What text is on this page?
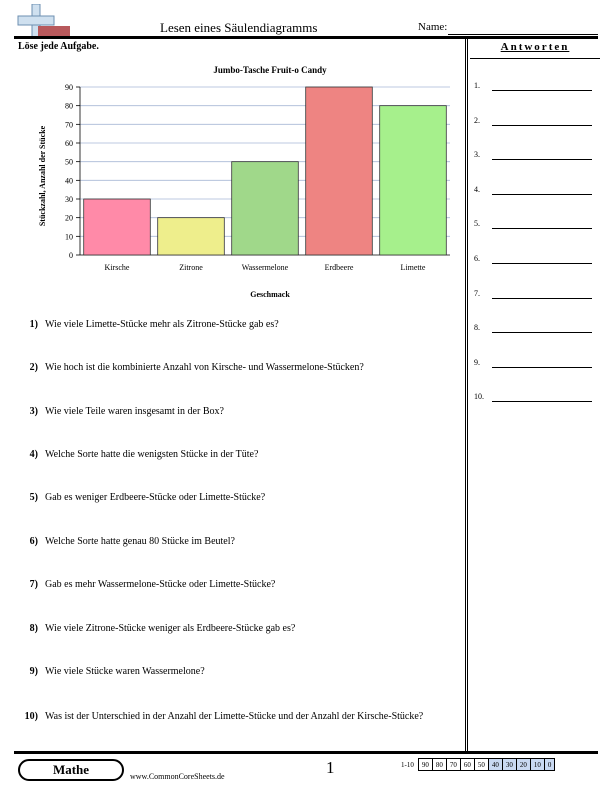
Lesen eines Säulendiagramms	Name:
Löse jede Aufgabe.
0
10
20
30
40
50
60
70
80
90
Kirsche	Zitrone	Wassermelone	Erdbeere	Limette
Jumbo-Tasche Fruit-o Candy
Geschmack
Stückzahl, Anzahl der Stücke
1) Wie viele Limette-Stücke mehr als Zitrone-Stücke gab es?
2) Wie hoch ist die kombinierte Anzahl von Kirsche- und Wassermelone-Stücken?
3) Wie viele Teile waren insgesamt in der Box?
4) Welche Sorte hatte die wenigsten Stücke in der Tüte?
5) Gab es weniger Erdbeere-Stücke oder Limette-Stücke?
6) Welche Sorte hatte genau 80 Stücke im Beutel?
7) Gab es mehr Wassermelone-Stücke oder Limette-Stücke?
8) Wie viele Zitrone-Stücke weniger als Erdbeere-Stücke gab es?
9) Wie viele Stücke waren Wassermelone?
10) Was ist der Unterschied in der Anzahl der Limette-Stücke und der Anzahl der Kirsche-Stücke?
Antworten
1.
2.
3.
4.
5.
6.
7.
8.
9.
10.
Mathe	www.CommonCoreSheets.de	1	1-10	90	80	70	60	50	40	30	20	10	0
